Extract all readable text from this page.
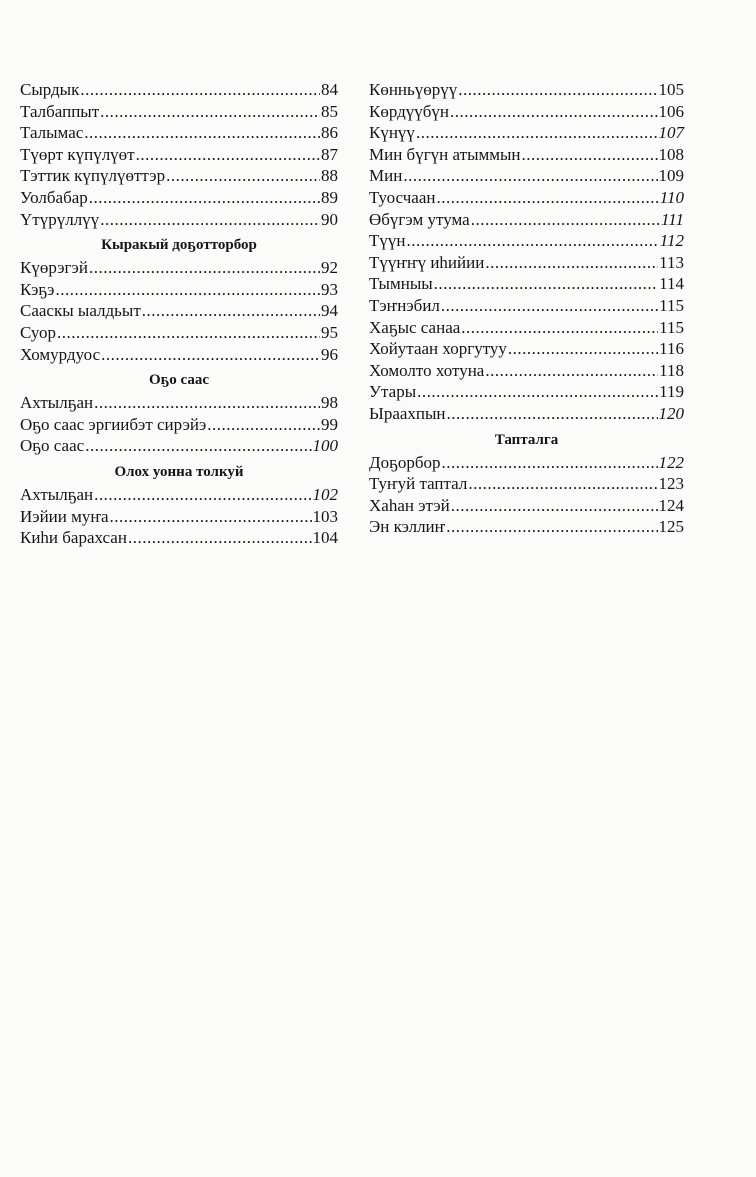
Сырдык .....	84
Талбаппыт .....	85
Талымас .....	86
Түөрт күпүлүөт .....	87
Тэттик күпүлүөттэр .....	88
Уолбабар .....	89
Үтүрүллүү .....	90
Кыракый доҕотторбор
Күөрэгэй .....	92
Кэҕэ .....	93
Сааскы ыалдьыт .....	94
Суор .....	95
Хомурдуос .....	96
Оҕо саас
Ахтылҕан .....	98
Оҕо саас эргиибэт сирэйэ .....	99
Оҕо саас .....	100
Олох уонна толкуй
Ахтылҕан .....	102
Иэйии муҥа .....	103
Киһи барахсан .....	104
Көнньүөрүү .....	105
Көрдүүбүн .....	106
Күнүү .....	107
Мин бүгүн атыммын .....	108
Мин .....	109
Туосчаан .....	110
Өбүгэм утума .....	111
Түүн .....	112
Түүҥҥү иһийии .....	113
Тымныы .....	114
Тэҥнэбил .....	115
Хаҕыс санаа .....	115
Хойутаан хоргутуу .....	116
Хомолто хотуна .....	118
Утары .....	119
Ыраахпын .....	120
Тапталга
Доҕорбор .....	122
Туҥуй таптал .....	123
Хаһан этэй .....	124
Эн кэллиҥ .....	125
